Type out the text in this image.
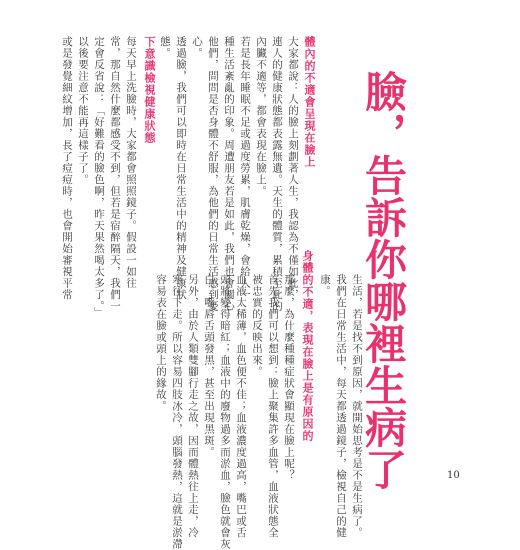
臉，告訴你哪裡生病了
生活，若是找不到原因，就開始思考是不是生病了。
我們在日常生活中，每天都透過鏡子，檢視自己的健
康。
身體的不適，表現在臉上是有原因的
那麼，為什麼種種症狀會顯現在臉上呢？
首先我們可以想到：臉上聚集許多血管，血液狀態全
被忠實的反映出來。
血液太稀薄，血色便不佳；血液濃度過高，嘴巴或舌
頭將變得暗紅；血液中的廢物過多而淤血，臉色就會灰
白，嘴唇舌頭發黑，甚至出現黑斑。
另外，由於人類雙腳行走之故，因而體熱往上走，冷
寒往下走。所以容易四肢冰冷，頭腦發熱，這就是淤滯
容易表在臉或頭上的緣故。
體內的不適會呈現在臉上
大家都說：人的臉上刻劃著人生，我認為不僅如此，
連人的健康狀態都表露無遺。天生的體質，累積至此的
內臟不適等，都會表現在臉上。
若是長年睡眠不足或過度勞累，肌膚乾燥，會給人一
種生活紊亂的印象。周遭朋友若是如此，我們也會關心
他們，問問是否身體不舒服，為他們的日常生活感到憂
心。
透過臉，我們可以即時在日常生活中的精神及健康狀
態。
下意識檢視健康狀態
每天早上洗臉時，大家都會照照鏡子。假設一如往
常，那自然什麼都感受不到，但若是宿醉隔天，我們一
定會反省說：「好難看的臉色啊，昨天果然喝太多了。」
以後要注意不能再這樣子了。
或是發覺細紋增加，長了痘痘時，也會開始審視平常
10
